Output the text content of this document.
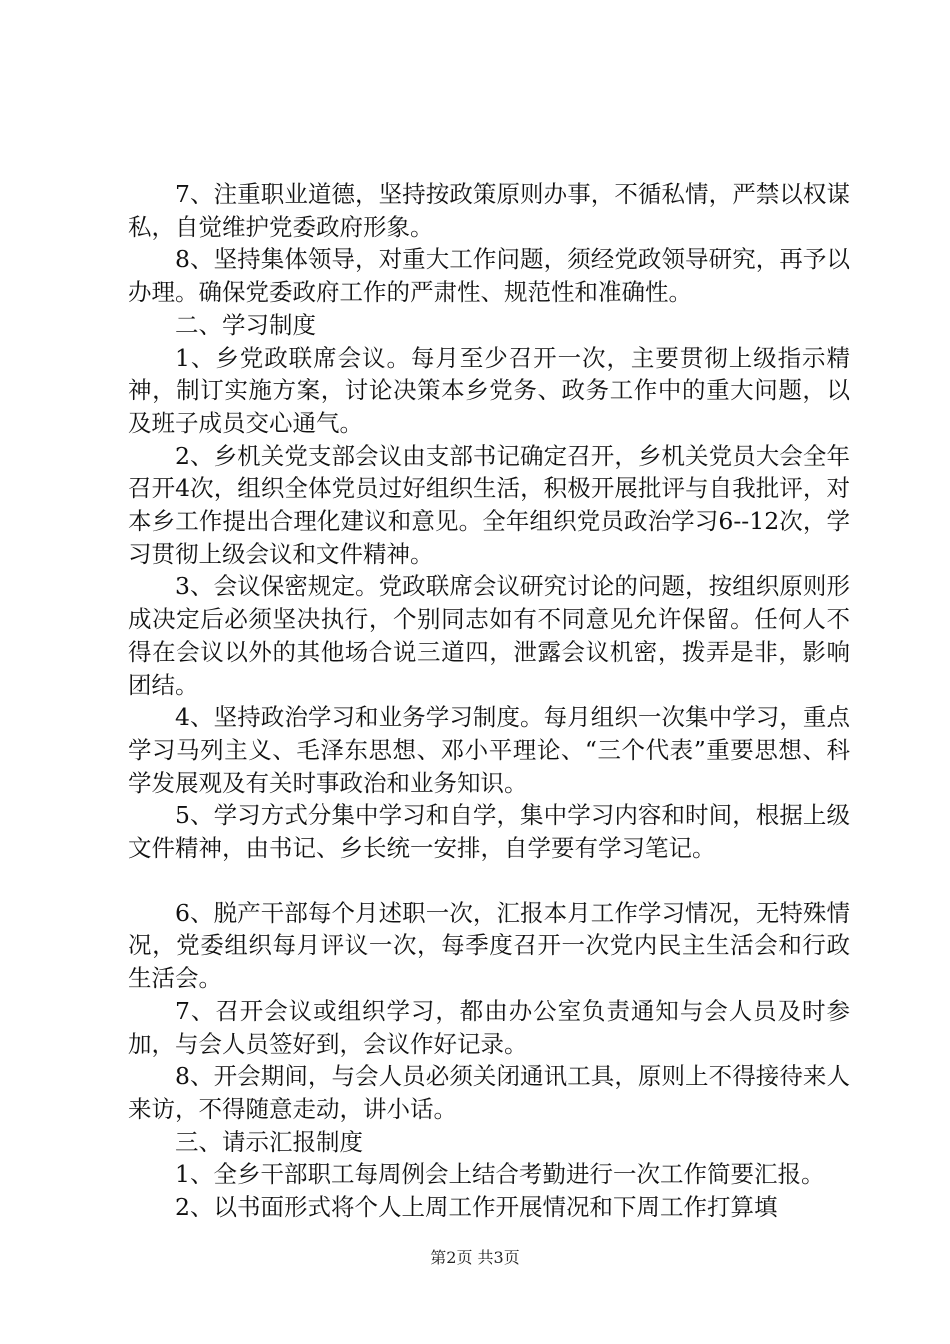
7、注重职业道德，坚持按政策原则办事，不循私情，严禁以权谋私，自觉维护党委政府形象。

8、坚持集体领导，对重大工作问题，须经党政领导研究，再予以办理。确保党委政府工作的严肃性、规范性和准确性。

二、学习制度

1、乡党政联席会议。每月至少召开一次，主要贯彻上级指示精神，制订实施方案，讨论决策本乡党务、政务工作中的重大问题，以及班子成员交心通气。

2、乡机关党支部会议由支部书记确定召开，乡机关党员大会全年召开4次，组织全体党员过好组织生活，积极开展批评与自我批评，对本乡工作提出合理化建议和意见。全年组织党员政治学习6--12次，学习贯彻上级会议和文件精神。

3、会议保密规定。党政联席会议研究讨论的问题，按组织原则形成决定后必须坚决执行，个别同志如有不同意见允许保留。任何人不得在会议以外的其他场合说三道四，泄露会议机密，拨弄是非，影响团结。

4、坚持政治学习和业务学习制度。每月组织一次集中学习，重点学习马列主义、毛泽东思想、邓小平理论、“三个代表”重要思想、科学发展观及有关时事政治和业务知识。

5、学习方式分集中学习和自学，集中学习内容和时间，根据上级文件精神，由书记、乡长统一安排，自学要有学习笔记。

6、脱产干部每个月述职一次，汇报本月工作学习情况，无特殊情况，党委组织每月评议一次，每季度召开一次党内民主生活会和行政生活会。

7、召开会议或组织学习，都由办公室负责通知与会人员及时参加，与会人员签好到，会议作好记录。

8、开会期间，与会人员必须关闭通讯工具，原则上不得接待来人来访，不得随意走动，讲小话。

三、请示汇报制度

1、全乡干部职工每周例会上结合考勤进行一次工作简要汇报。

2、以书面形式将个人上周工作开展情况和下周工作打算填

第2页 共3页
